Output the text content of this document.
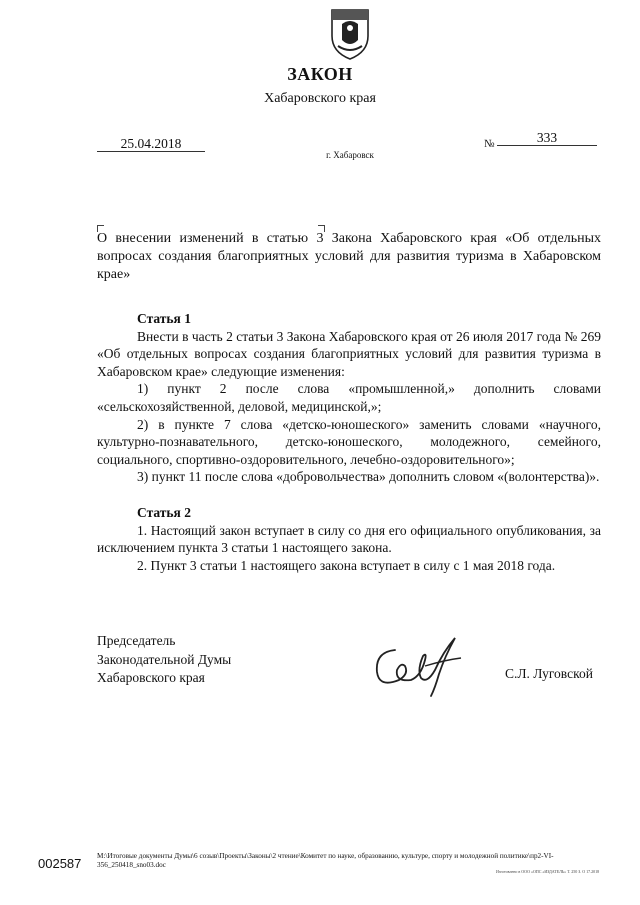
ЗАКОН
Хабаровского края
25.04.2018
г. Хабаровск
№	333
О внесении изменений в статью 3 Закона Хабаровского края «Об отдельных вопросах создания благоприятных условий для развития туризма в Хабаровском крае»

Статья 1

Внести в часть 2 статьи 3 Закона Хабаровского края от 26 июля 2017 года № 269 «Об отдельных вопросах создания благоприятных условий для развития туризма в Хабаровском крае» следующие изменения:

1) пункт 2 после слова «промышленной,» дополнить словами «сельскохозяйственной, деловой, медицинской,»;

2) в пункте 7 слова «детско-юношеского» заменить словами «научного, культурно-познавательного, детско-юношеского, молодежного, семейного, социального, спортивно-оздоровительного, лечебно-оздоровительного»;

3) пункт 11 после слова «добровольчества» дополнить словом «(волонтерства)».

Статья 2

1. Настоящий закон вступает в силу со дня его официального опубликования, за исключением пункта 3 статьи 1 настоящего закона.

2. Пункт 3 статьи 1 настоящего закона вступает в силу с 1 мая 2018 года.

Председатель
Законодательной Думы
Хабаровского края	С.Л. Луговской
002587 M:\Итоговые документы Думы\6 созыв\Проекты\Законы\2 чтение\Комитет по науке, образованию, культуре, спорту и молодежной политике\пр2-VI-356_250418_sno03.doc
Изготовлено в ООО «ОПС «ИЗДАТЕЛЬ» Т. 250 З. О 17.2018
